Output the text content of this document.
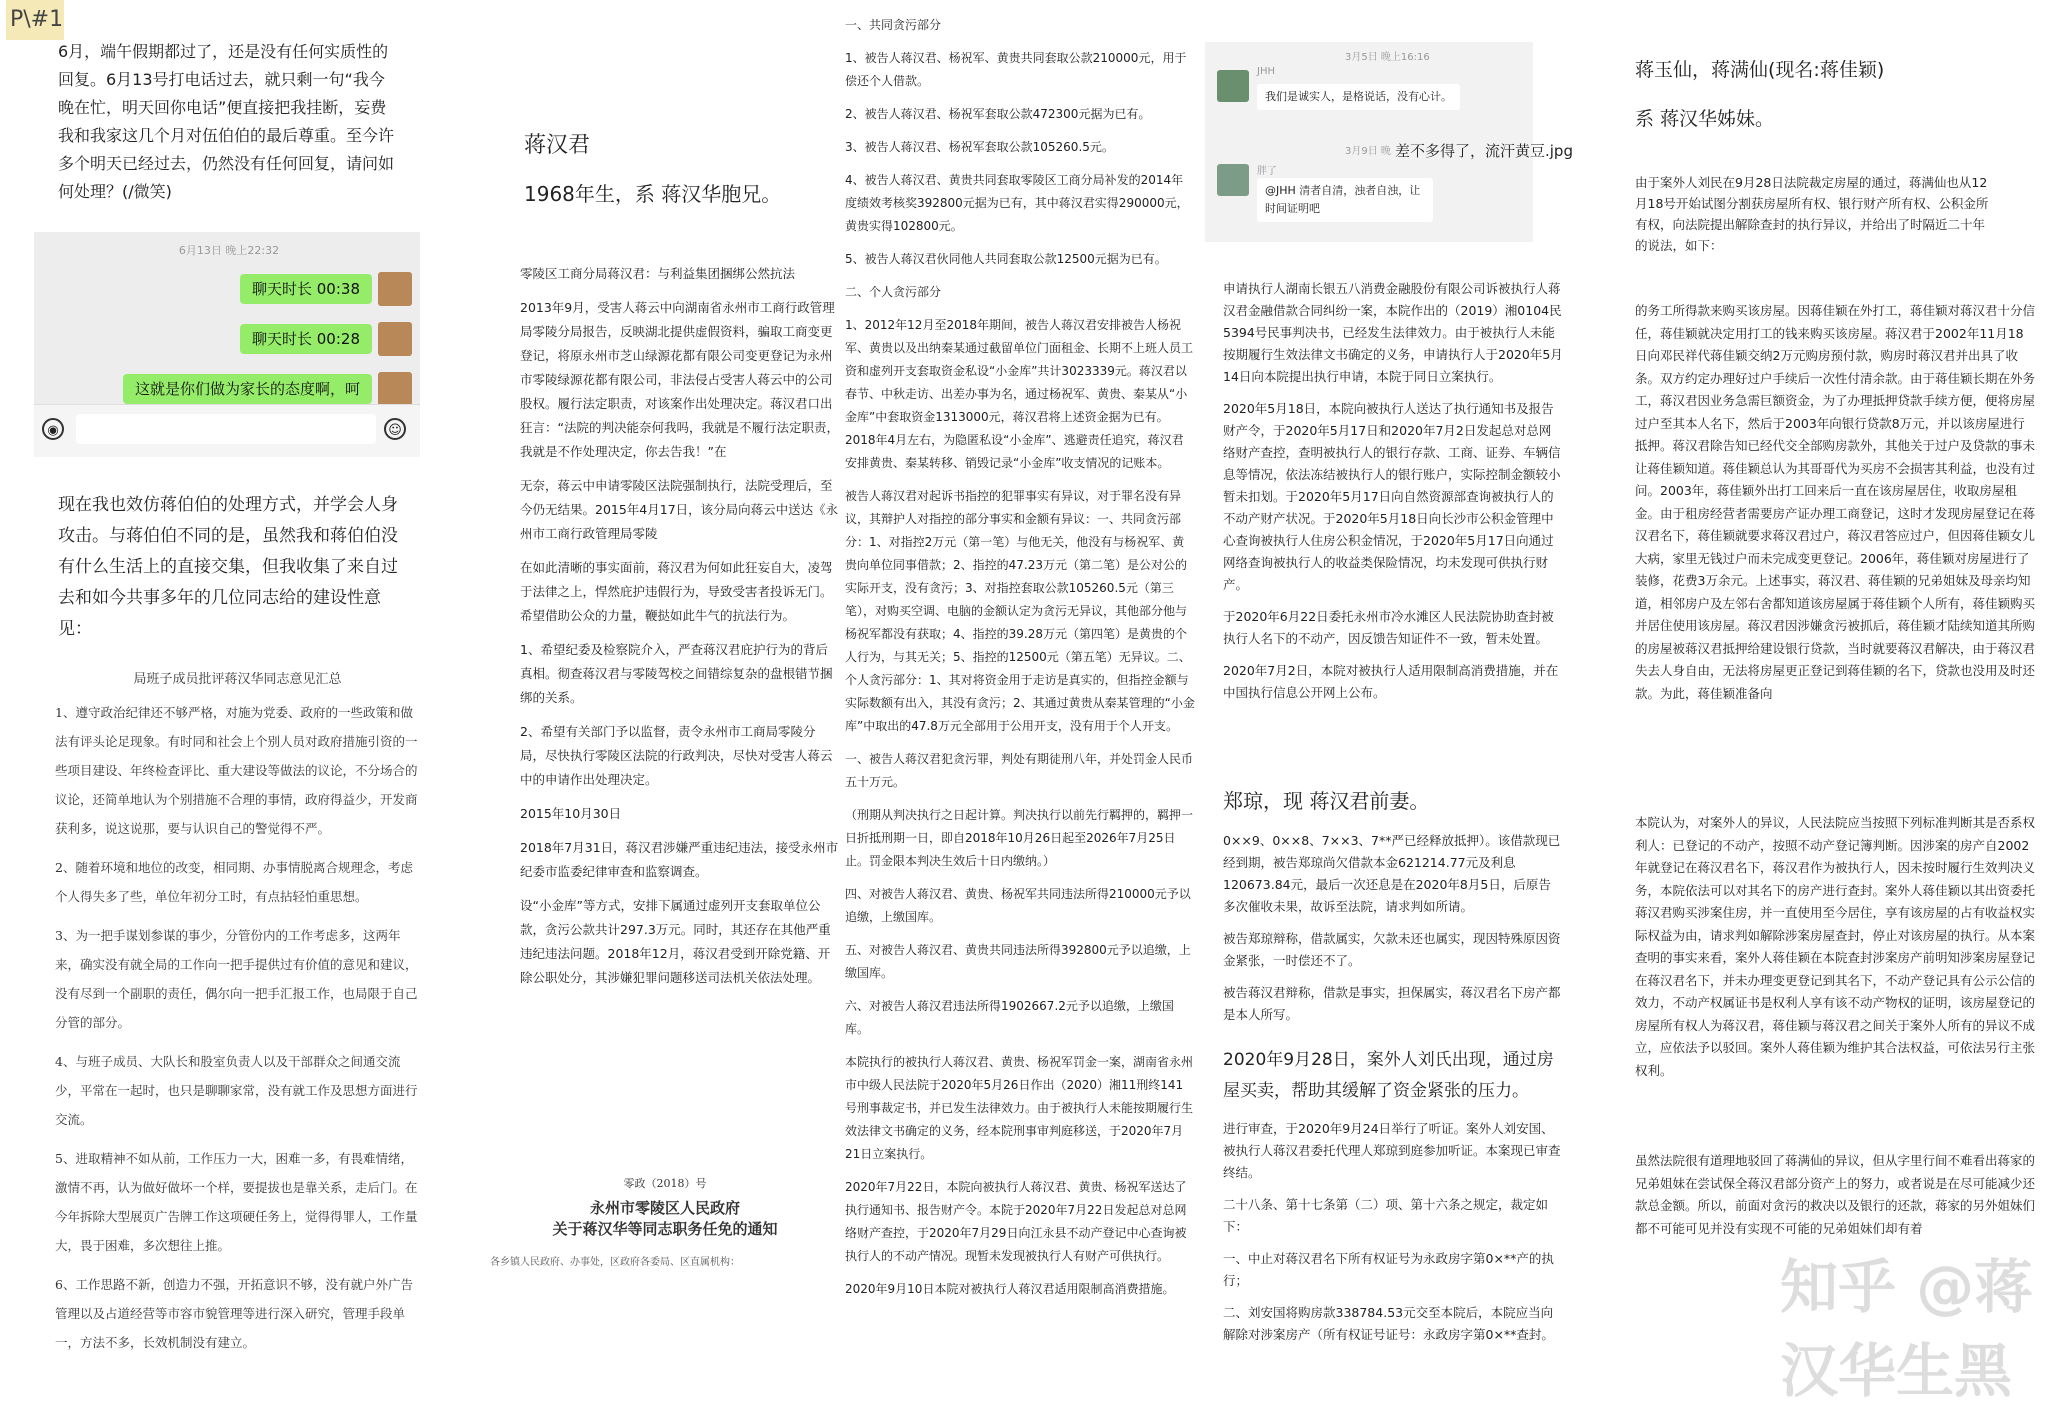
P\#1
6月，端午假期都过了，还是没有任何实质性的回复。6月13号打电话过去，就只剩一句“我今晚在忙，明天回你电话”便直接把我挂断，妄费我和我家这几个月对伍伯伯的最后尊重。至今许多个明天已经过去，仍然没有任何回复，请问如何处理？(/微笑)
6月13日 晚上22:32
聊天时长 00:38
聊天时长 00:28
这就是你们做为家长的态度啊，呵
◉	☺
现在我也效仿蒋伯伯的处理方式，并学会人身攻击。与蒋伯伯不同的是，虽然我和蒋伯伯没有什么生活上的直接交集，但我收集了来自过去和如今共事多年的几位同志给的建设性意见：
局班子成员批评蒋汉华同志意见汇总

1、遵守政治纪律还不够严格，对施为党委、政府的一些政策和做法有评头论足现象。有时同和社会上个别人员对政府措施引资的一些项目建设、年终检查评比、重大建设等做法的议论，不分场合的议论，还简单地认为个别措施不合理的事情，政府得益少，开发商获利多，说这说那，要与认识自己的警觉得不严。

2、随着环境和地位的改变，相同期、办事情脱离合规理念，考虑个人得失多了些，单位年初分工时，有点拈轻怕重思想。

3、为一把手谋划参谋的事少，分管份内的工作考虑多，这两年来，确实没有就全局的工作向一把手提供过有价值的意见和建议，没有尽到一个副职的责任，偶尔向一把手汇报工作，也局限于自己分管的部分。

4、与班子成员、大队长和股室负责人以及干部群众之间通交流少，平常在一起时，也只是聊聊家常，没有就工作及思想方面进行交流。

5、进取精神不如从前，工作压力一大，困难一多，有畏难情绪，激情不再，认为做好做坏一个样，要提拔也是靠关系，走后门。在今年拆除大型展页广告牌工作这项硬任务上，觉得得罪人，工作量大，畏于困难，多次想往上推。

6、工作思路不新，创造力不强，开拓意识不够，没有就户外广告管理以及占道经营等市容市貌管理等进行深入研究，管理手段单一，方法不多，长效机制没有建立。

蒋汉君
1968年生，系 蒋汉华胞兄。

零陵区工商分局蒋汉君：与利益集团捆绑公然抗法

2013年9月，受害人蒋云中向湖南省永州市工商行政管理局零陵分局报告，反映湖北提供虚假资料，骗取工商变更登记，将原永州市芝山绿源花都有限公司变更登记为永州市零陵绿源花都有限公司，非法侵占受害人蒋云中的公司股权。履行法定职责，对该案作出处理决定。蒋汉君口出狂言：“法院的判决能奈何我吗，我就是不履行法定职责，我就是不作处理决定，你去告我！”在

无奈，蒋云中申请零陵区法院强制执行，法院受理后，至今仍无结果。2015年4月17日，该分局向蒋云中送达《永州市工商行政管理局零陵

在如此清晰的事实面前，蒋汉君为何如此狂妄自大，凌驾于法律之上，悍然庇护违假行为，导致受害者投诉无门。希望借助公众的力量，鞭挞如此牛气的抗法行为。

1、希望纪委及检察院介入，严查蒋汉君庇护行为的背后真相。彻查蒋汉君与零陵驾校之间错综复杂的盘根错节捆绑的关系。

2、希望有关部门予以监督，责令永州市工商局零陵分局，尽快执行零陵区法院的行政判决，尽快对受害人蒋云中的申请作出处理决定。

2015年10月30日

2018年7月31日，蒋汉君涉嫌严重违纪违法，接受永州市纪委市监委纪律审查和监察调查。

设“小金库”等方式，安排下属通过虚列开支套取单位公款，贪污公款共计297.3万元。同时，其还存在其他严重违纪违法问题。2018年12月，蒋汉君受到开除党籍、开除公职处分，其涉嫌犯罪问题移送司法机关依法处理。

零政（2018）号
永州市零陵区人民政府
关于蒋汉华等同志职务任免的通知
各乡镇人民政府、办事处，区政府各委局、区直属机构：

一、共同贪污部分

1、被告人蒋汉君、杨祝军、黄贵共同套取公款210000元，用于偿还个人借款。

2、被告人蒋汉君、杨祝军套取公款472300元据为已有。

3、被告人蒋汉君、杨祝军套取公款105260.5元。

4、被告人蒋汉君、黄贵共同套取零陵区工商分局补发的2014年度绩效考核奖392800元据为已有，其中蒋汉君实得290000元，黄贵实得102800元。

5、被告人蒋汉君伙同他人共同套取公款12500元据为已有。

二、个人贪污部分

1、2012年12月至2018年期间，被告人蒋汉君安排被告人杨祝军、黄贵以及出纳秦某通过截留单位门面租金、长期不上班人员工资和虚列开支套取资金私设“小金库”共计3023339元。蒋汉君以春节、中秋走访、出差办事为名，通过杨祝军、黄贵、秦某从“小金库”中套取资金1313000元，蒋汉君将上述资金据为已有。2018年4月左右，为隐匿私设“小金库”、逃避责任追究，蒋汉君安排黄贵、秦某转移、销毁记录“小金库”收支情况的记账本。

被告人蒋汉君对起诉书指控的犯罪事实有异议，对于罪名没有异议，其辩护人对指控的部分事实和金额有异议：一、共同贪污部分：1、对指控2万元（第一笔）与他无关，他没有与杨祝军、黄贵向单位同事借款；2、指控的47.23万元（第二笔）是公对公的实际开支，没有贪污；3、对指控套取公款105260.5元（第三笔），对购买空调、电脑的金额认定为贪污无异议，其他部分他与杨祝军都没有获取；4、指控的39.28万元（第四笔）是黄贵的个人行为，与其无关；5、指控的12500元（第五笔）无异议。二、个人贪污部分：1、其对将资金用于走访是真实的，但指控金额与实际数额有出入，其没有贪污；2、其通过黄贵从秦某管理的“小金库”中取出的47.8万元全部用于公用开支，没有用于个人开支。

一、被告人蒋汉君犯贪污罪，判处有期徒刑八年，并处罚金人民币五十万元。

（刑期从判决执行之日起计算。判决执行以前先行羁押的，羁押一日折抵刑期一日，即自2018年10月26日起至2026年7月25日止。罚金限本判决生效后十日内缴纳。）

四、对被告人蒋汉君、黄贵、杨祝军共同违法所得210000元予以追缴，上缴国库。

五、对被告人蒋汉君、黄贵共同违法所得392800元予以追缴，上缴国库。

六、对被告人蒋汉君违法所得1902667.2元予以追缴，上缴国库。

本院执行的被执行人蒋汉君、黄贵、杨祝军罚金一案，湖南省永州市中级人民法院于2020年5月26日作出（2020）湘11刑终141号刑事裁定书，并已发生法律效力。由于被执行人未能按期履行生效法律文书确定的义务，经本院刑事审判庭移送，于2020年7月21日立案执行。

2020年7月22日，本院向被执行人蒋汉君、黄贵、杨祝军送达了执行通知书、报告财产令。本院于2020年7月22日发起总对总网络财产查控，于2020年7月29日向江永县不动产登记中心查询被执行人的不动产情况。现暂未发现被执行人有财产可供执行。

2020年9月10日本院对被执行人蒋汉君适用限制高消费措施。

3月5日 晚上16:16
JHH
我们是诚实人，是格说话，没有心计。
3月9日 晚
胖了
@JHH 清者自清，浊者自浊，让时间证明吧
差不多得了，流汗黄豆.jpg

申请执行人湖南长银五八消费金融股份有限公司诉被执行人蒋汉君金融借款合同纠纷一案，本院作出的（2019）湘0104民5394号民事判决书，已经发生法律效力。由于被执行人未能按期履行生效法律文书确定的义务，申请执行人于2020年5月14日向本院提出执行申请，本院于同日立案执行。

2020年5月18日，本院向被执行人送达了执行通知书及报告财产令，于2020年5月17日和2020年7月2日发起总对总网络财产查控，查明被执行人的银行存款、工商、证券、车辆信息等情况，依法冻结被执行人的银行账户，实际控制金额较小暂未扣划。于2020年5月17日向自然资源部查询被执行人的不动产财产状况。于2020年5月18日向长沙市公积金管理中心查询被执行人住房公积金情况，于2020年5月17日向通过网络查询被执行人的收益类保险情况，均未发现可供执行财产。

于2020年6月22日委托永州市冷水滩区人民法院协助查封被执行人名下的不动产，因反馈告知证件不一致，暂未处置。

2020年7月2日，本院对被执行人适用限制高消费措施，并在中国执行信息公开网上公布。

郑琼，现 蒋汉君前妻。

0××9、0××8、7××3、7**严已经释放抵押）。该借款现已经到期，被告郑琼尚欠借款本金621214.77元及利息120673.84元，最后一次还息是在2020年8月5日，后原告多次催收未果，故诉至法院，请求判如所请。

被告郑琼辩称，借款属实，欠款未还也属实，现因特殊原因资金紧张，一时偿还不了。

被告蒋汉君辩称，借款是事实，担保属实，蒋汉君名下房产都是本人所写。

2020年9月28日，案外人刘氏出现，通过房屋买卖，帮助其缓解了资金紧张的压力。

进行审查，于2020年9月24日举行了听证。案外人刘安国、被执行人蒋汉君委托代理人郑琼到庭参加听证。本案现已审查终结。

二十八条、第十七条第（二）项、第十六条之规定，裁定如下：

一、中止对蒋汉君名下所有权证号为永政房字第0×**产的执行；

二、刘安国将购房款338784.53元交至本院后，本院应当向解除对涉案房产（所有权证号证号：永政房字第0×**查封。

蒋玉仙，蒋满仙(现名:蒋佳颖)
系 蒋汉华姊妹。
由于案外人刘民在9月28日法院裁定房屋的通过，蒋满仙也从12月18号开始试图分割获房屋所有权、银行财产所有权、公积金所有权，向法院提出解除查封的执行异议，并给出了时隔近二十年的说法，如下：
的务工所得款来购买该房屋。因蒋佳颖在外打工，蒋佳颖对蒋汉君十分信任，蒋佳颖就决定用打工的钱来购买该房屋。蒋汉君于2002年11月18日向邓民祥代蒋佳颖交纳2万元购房预付款，购房时蒋汉君并出具了收条。双方约定办理好过户手续后一次性付清余款。由于蒋佳颖长期在外务工，蒋汉君因业务急需巨额资金，为了办理抵押贷款手续方便，便将房屋过户至其本人名下，然后于2003年向银行贷款8万元，并以该房屋进行抵押。蒋汉君除告知已经代交全部购房款外，其他关于过户及贷款的事未让蒋佳颖知道。蒋佳颖总认为其哥哥代为买房不会损害其利益，也没有过问。2003年，蒋佳颖外出打工回来后一直在该房屋居住，收取房屋租金。由于租房经营者需要房产证办理工商登记，这时才发现房屋登记在蒋汉君名下，蒋佳颖就要求蒋汉君过户，蒋汉君答应过户，但因蒋佳颖女儿大病，家里无钱过户而未完成变更登记。2006年，蒋佳颖对房屋进行了装修，花费3万余元。上述事实，蒋汉君、蒋佳颖的兄弟姐妹及母亲均知道，相邻房户及左邻右舍都知道该房屋属于蒋佳颖个人所有，蒋佳颖购买并居住使用该房屋。蒋汉君因涉嫌贪污被抓后，蒋佳颖才陆续知道其所购的房屋被蒋汉君抵押给建设银行贷款，当时就要蒋汉君解决，由于蒋汉君失去人身自由，无法将房屋更正登记到蒋佳颖的名下，贷款也没用及时还款。为此，蒋佳颖准备向
本院认为，对案外人的异议，人民法院应当按照下列标准判断其是否系权利人：已登记的不动产，按照不动产登记簿判断。因涉案的房产自2002年就登记在蒋汉君名下，蒋汉君作为被执行人，因未按时履行生效判决义务，本院依法可以对其名下的房产进行查封。案外人蒋佳颖以其出资委托蒋汉君购买涉案住房，并一直使用至今居住，享有该房屋的占有收益权实际权益为由，请求判如解除涉案房屋查封，停止对该房屋的执行。从本案查明的事实来看，案外人蒋佳颖在本院查封涉案房产前明知涉案房屋登记在蒋汉君名下，并未办理变更登记到其名下，不动产登记具有公示公信的效力，不动产权属证书是权利人享有该不动产物权的证明，该房屋登记的房屋所有权人为蒋汉君，蒋佳颖与蒋汉君之间关于案外人所有的异议不成立，应依法予以驳回。案外人蒋佳颖为维护其合法权益，可依法另行主张权利。
虽然法院很有道理地驳回了蒋满仙的异议，但从字里行间不难看出蒋家的兄弟姐妹在尝试保全蒋汉君部分资产上的努力，或者说是在尽可能减少还款总金额。所以，前面对贪污的救决以及银行的还款，蒋家的另外姐妹们都不可能可见并没有实现不可能的兄弟姐妹们却有着
知乎 @蒋汉华生黑
